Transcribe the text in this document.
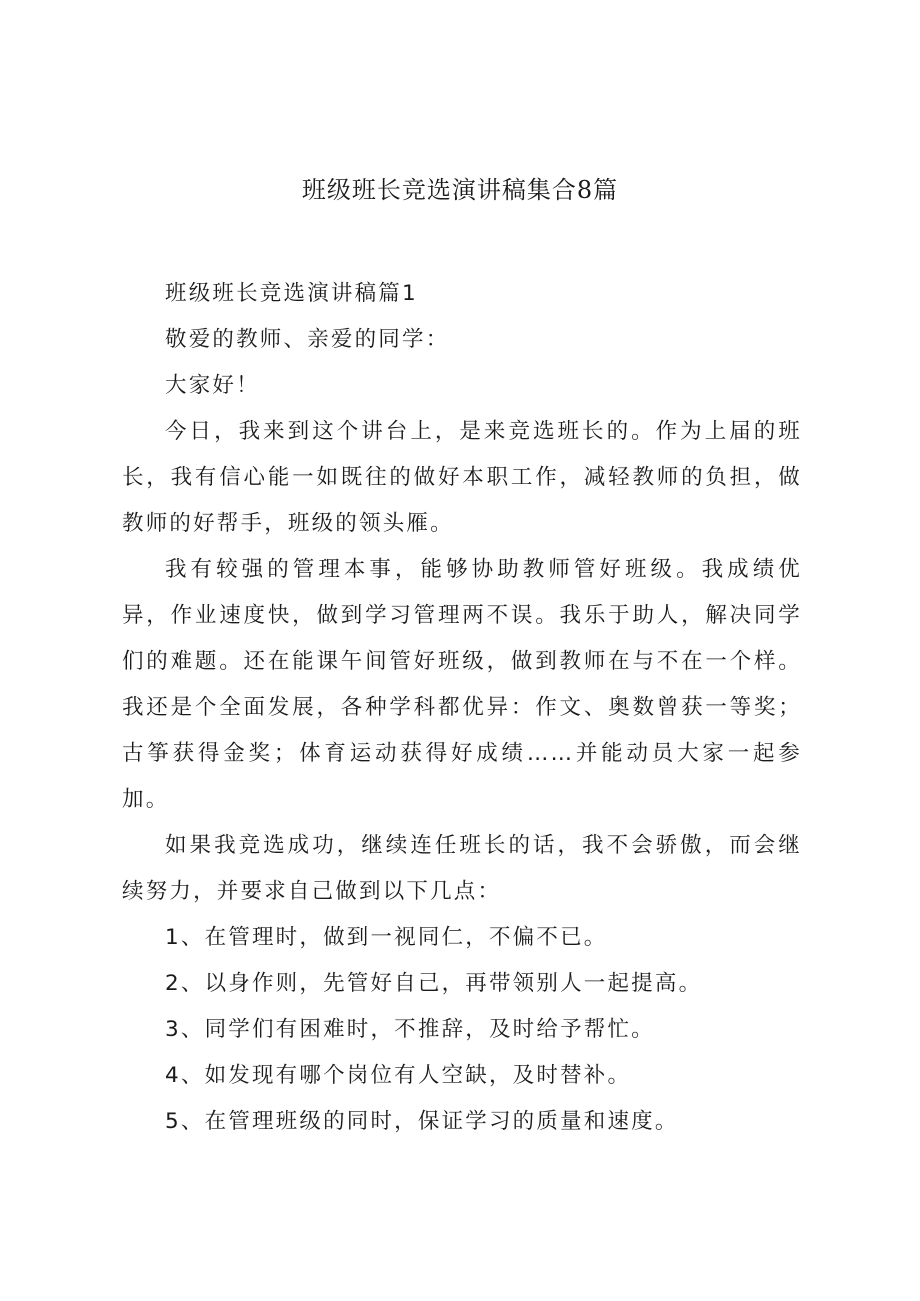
班级班长竞选演讲稿集合8篇

班级班长竞选演讲稿篇1

敬爱的教师、亲爱的同学：

大家好！

今日，我来到这个讲台上，是来竞选班长的。作为上届的班长，我有信心能一如既往的做好本职工作，减轻教师的负担，做教师的好帮手，班级的领头雁。

我有较强的管理本事，能够协助教师管好班级。我成绩优异，作业速度快，做到学习管理两不误。我乐于助人，解决同学们的难题。还在能课午间管好班级，做到教师在与不在一个样。我还是个全面发展，各种学科都优异：作文、奥数曾获一等奖；古筝获得金奖；体育运动获得好成绩……并能动员大家一起参加。

如果我竞选成功，继续连任班长的话，我不会骄傲，而会继续努力，并要求自己做到以下几点：

1、在管理时，做到一视同仁，不偏不已。

2、以身作则，先管好自己，再带领别人一起提高。

3、同学们有困难时，不推辞，及时给予帮忙。

4、如发现有哪个岗位有人空缺，及时替补。

5、在管理班级的同时，保证学习的质量和速度。
